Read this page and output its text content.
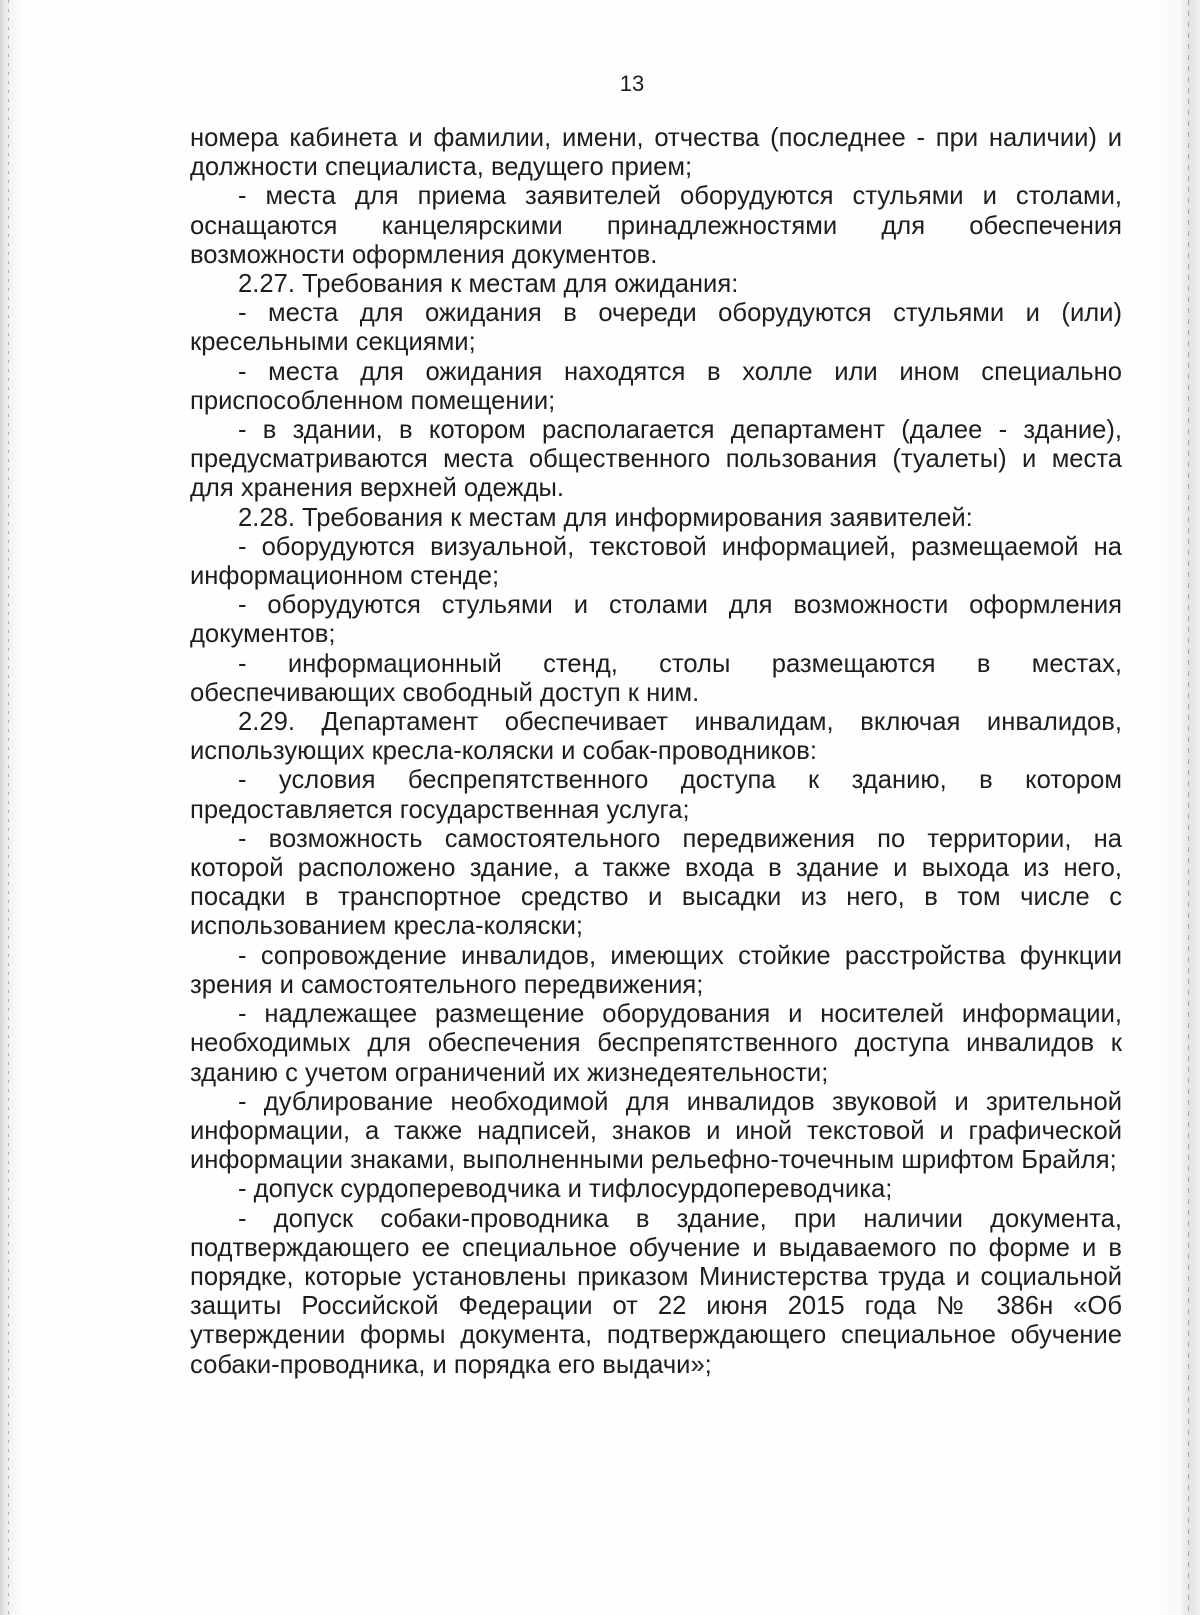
13

номера кабинета и фамилии, имени, отчества (последнее - при наличии) и должности специалиста, ведущего прием;

- места для приема заявителей оборудуются стульями и столами, оснащаются канцелярскими принадлежностями для обеспечения возможности оформления документов.

2.27. Требования к местам для ожидания:

- места для ожидания в очереди оборудуются стульями и (или) кресельными секциями;

- места для ожидания находятся в холле или ином специально приспособленном помещении;

- в здании, в котором располагается департамент (далее - здание), предусматриваются места общественного пользования (туалеты) и места для хранения верхней одежды.

2.28. Требования к местам для информирования заявителей:

- оборудуются визуальной, текстовой информацией, размещаемой на информационном стенде;

- оборудуются стульями и столами для возможности оформления документов;

- информационный стенд, столы размещаются в местах, обеспечивающих свободный доступ к ним.

2.29. Департамент обеспечивает инвалидам, включая инвалидов, использующих кресла-коляски и собак-проводников:

- условия беспрепятственного доступа к зданию, в котором предоставляется государственная услуга;

- возможность самостоятельного передвижения по территории, на которой расположено здание, а также входа в здание и выхода из него, посадки в транспортное средство и высадки из него, в том числе с использованием кресла-коляски;

- сопровождение инвалидов, имеющих стойкие расстройства функции зрения и самостоятельного передвижения;

- надлежащее размещение оборудования и носителей информации, необходимых для обеспечения беспрепятственного доступа инвалидов к зданию с учетом ограничений их жизнедеятельности;

- дублирование необходимой для инвалидов звуковой и зрительной информации, а также надписей, знаков и иной текстовой и графической информации знаками, выполненными рельефно-точечным шрифтом Брайля;

- допуск сурдопереводчика и тифлосурдопереводчика;

- допуск собаки-проводника в здание, при наличии документа, подтверждающего ее специальное обучение и выдаваемого по форме и в порядке, которые установлены приказом Министерства труда и социальной защиты Российской Федерации от 22 июня 2015 года № 386н «Об утверждении формы документа, подтверждающего специальное обучение собаки-проводника, и порядка его выдачи»;
